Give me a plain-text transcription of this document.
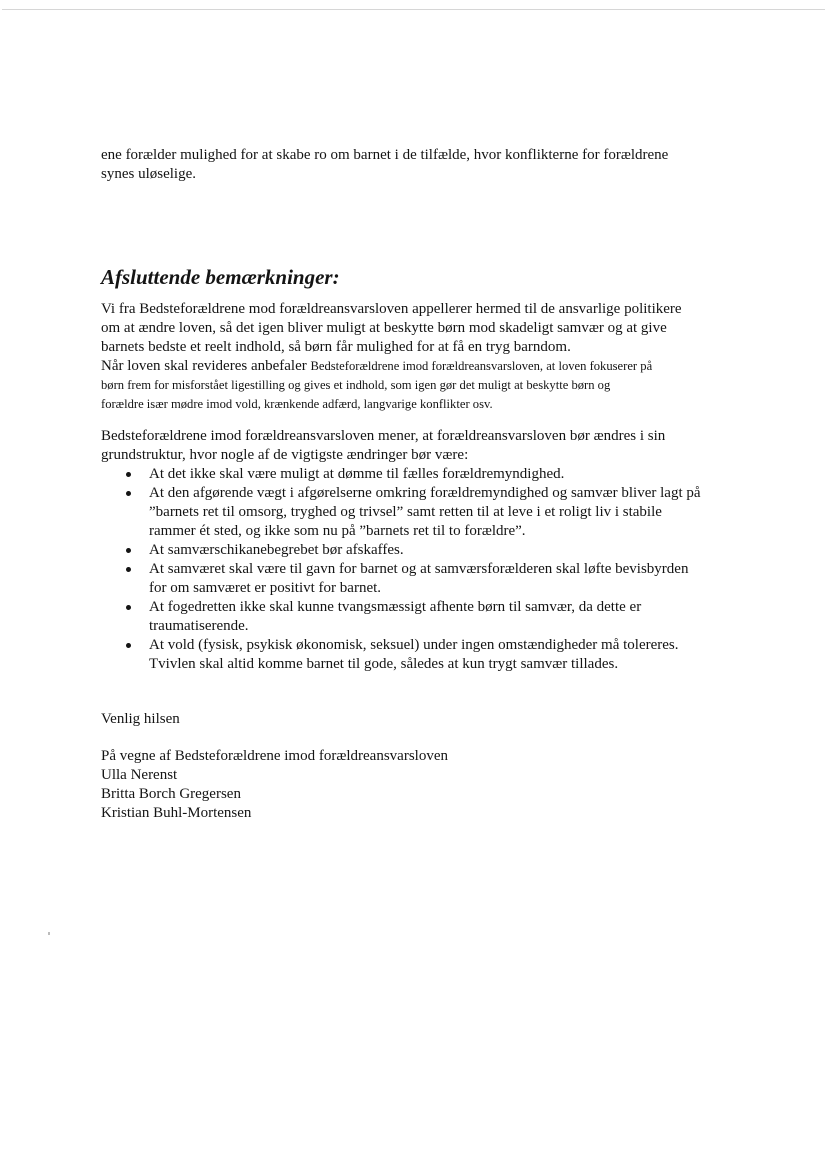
ene forælder mulighed for at skabe ro om barnet i de tilfælde, hvor konflikterne for forældrene

synes uløselige.

Afsluttende bemærkninger:

Vi fra Bedsteforældrene mod forældreansvarsloven appellerer hermed til de ansvarlige politikere

om at ændre loven, så det igen bliver muligt at beskytte børn mod skadeligt samvær og at give

barnets bedste et reelt indhold, så børn får mulighed for at få en tryg barndom.

Når loven skal revideres anbefaler Bedsteforældrene imod forældreansvarsloven, at loven fokuserer på

børn frem for misforstået ligestilling og gives et indhold, som igen gør det muligt at beskytte børn og

forældre især mødre imod vold, krænkende adfærd, langvarige konflikter osv.

Bedsteforældrene imod forældreansvarsloven mener, at forældreansvarsloven bør ændres i sin

grundstruktur, hvor nogle af de vigtigste ændringer bør være:

At det ikke skal være muligt at dømme til fælles forældremyndighed.
At den afgørende vægt i afgørelserne omkring forældremyndighed og samvær bliver lagt på
”barnets ret til omsorg, tryghed og trivsel” samt retten til at leve i et roligt liv i stabile
rammer ét sted, og ikke som nu på ”barnets ret til to forældre”.
At samværschikanebegrebet bør afskaffes.
At samværet skal være til gavn for barnet og at samværsforælderen skal løfte bevisbyrden
for om samværet er positivt for barnet.
At fogedretten ikke skal kunne tvangsmæssigt afhente børn til samvær, da dette er
traumatiserende.
At vold (fysisk, psykisk økonomisk, seksuel) under ingen omstændigheder må tolereres.
Tvivlen skal altid komme barnet til gode, således at kun trygt samvær tillades.

Venlig hilsen

På vegne af Bedsteforældrene imod forældreansvarsloven

Ulla Nerenst

Britta Borch Gregersen

Kristian Buhl-Mortensen
